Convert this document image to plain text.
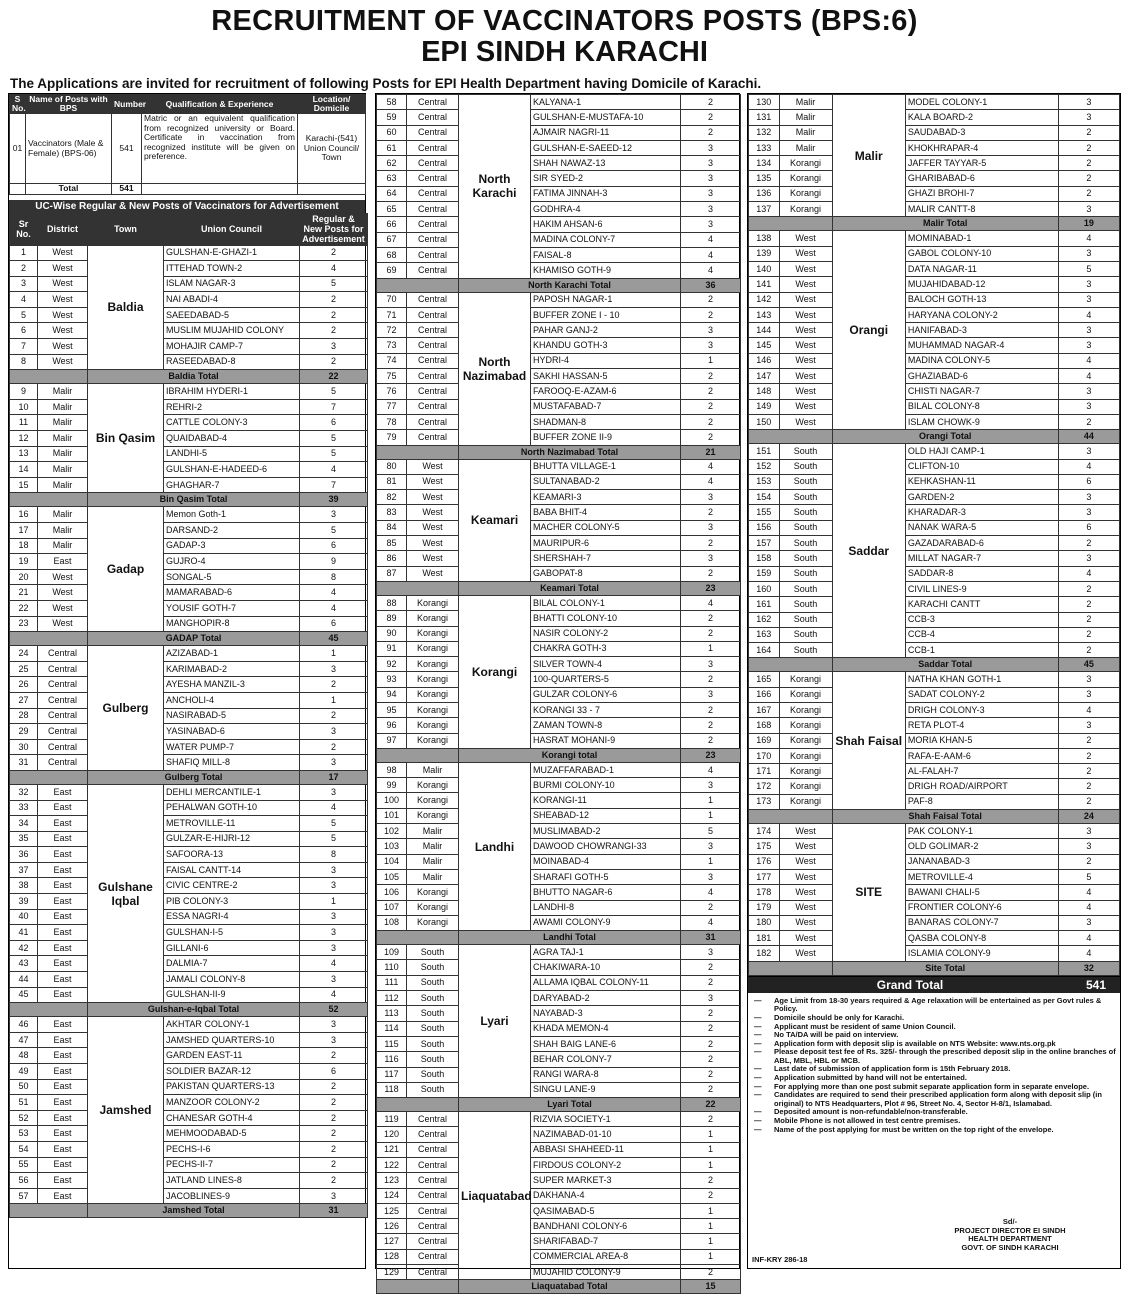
RECRUITMENT OF VACCINATORS POSTS (BPS:6)
EPI SINDH KARACHI
The Applications are invited for recruitment of following Posts for EPI Health Department having Domicile of Karachi.
S No.	Name of Posts with BPS	Number	Qualification & Experience	Location/ Domicile
01	Vaccinators (Male & Female) (BPS-06)	541	Matric or an equivalent qualification from recognized university or Board. Certificate in vaccination from recognized institute will be given on preference.	Karachi-(541) Union Council/ Town
	Total	541		
UC-Wise Regular & New Posts of Vaccinators for Advertisement
Sr No.	District	Town	Union Council	Regular & New Posts for Advertisement
1	West	Baldia	GULSHAN-E-GHAZI-1	2
2	West		ITTEHAD TOWN-2	4
3	West		ISLAM NAGAR-3	5
4	West		NAI ABADI-4	2
5	West		SAEEDABAD-5	2
6	West		MUSLIM MUJAHID COLONY	2
7	West		MOHAJIR CAMP-7	3
8	West		RASEEDABAD-8	2
		Baldia Total		22
9	Malir	Bin Qasim	IBRAHIM HYDERI-1	5
10	Malir		REHRI-2	7
11	Malir		CATTLE COLONY-3	6
12	Malir		QUAIDABAD-4	5
13	Malir		LANDHI-5	5
14	Malir		GULSHAN-E-HADEED-6	4
15	Malir		GHAGHAR-7	7
		Bin Qasim Total		39
16	Malir	Gadap	Memon Goth-1	3
17	Malir		DARSAND-2	5
18	Malir		GADAP-3	6
19	East		GUJRO-4	9
20	West		SONGAL-5	8
21	West		MAMARABAD-6	4
22	West		YOUSIF GOTH-7	4
23	West		MANGHOPIR-8	6
		GADAP Total		45
24	Central	Gulberg	AZIZABAD-1	1
25	Central		KARIMABAD-2	3
26	Central		AYESHA MANZIL-3	2
27	Central		ANCHOLI-4	1
28	Central		NASIRABAD-5	2
29	Central		YASINABAD-6	3
30	Central		WATER PUMP-7	2
31	Central		SHAFIQ MILL-8	3
		Gulberg Total		17
32	East	Gulshane Iqbal	DEHLI MERCANTILE-1	3
33	East		PEHALWAN GOTH-10	4
34	East		METROVILLE-11	5
35	East		GULZAR-E-HIJRI-12	5
36	East		SAFOORA-13	8
37	East		FAISAL CANTT-14	3
38	East		CIVIC CENTRE-2	3
39	East		PIB COLONY-3	1
40	East		ESSA NAGRI-4	3
41	East		GULSHAN-I-5	3
42	East		GILLANI-6	3
43	East		DALMIA-7	4
44	East		JAMALI COLONY-8	3
45	East		GULSHAN-II-9	4
		Gulshan-e-Iqbal Total		52
46	East	Jamshed	AKHTAR COLONY-1	3
47	East		JAMSHED QUARTERS-10	3
48	East		GARDEN EAST-11	2
49	East		SOLDIER BAZAR-12	6
50	East		PAKISTAN QUARTERS-13	2
51	East		MANZOOR COLONY-2	2
52	East		CHANESAR GOTH-4	2
53	East		MEHMOODABAD-5	2
54	East		PECHS-I-6	2
55	East		PECHS-II-7	2
56	East		JATLAND LINES-8	2
57	East		JACOBLINES-9	3
		Jamshed Total		31
58	Central	North Karachi	KALYANA-1	2
59	Central		GULSHAN-E-MUSTAFA-10	2
60	Central		AJMAIR NAGRI-11	2
61	Central		GULSHAN-E-SAEED-12	3
62	Central		SHAH NAWAZ-13	3
63	Central		SIR SYED-2	3
64	Central		FATIMA JINNAH-3	3
65	Central		GODHRA-4	3
66	Central		HAKIM AHSAN-6	3
67	Central		MADINA COLONY-7	4
68	Central		FAISAL-8	4
69	Central		KHAMISO GOTH-9	4
		North Karachi Total		36
70	Central	North Nazimabad	PAPOSH NAGAR-1	2
71	Central		BUFFER ZONE I - 10	2
72	Central		PAHAR GANJ-2	3
73	Central		KHANDU GOTH-3	3
74	Central		HYDRI-4	1
75	Central		SAKHI HASSAN-5	2
76	Central		FAROOQ-E-AZAM-6	2
77	Central		MUSTAFABAD-7	2
78	Central		SHADMAN-8	2
79	Central		BUFFER ZONE II-9	2
		North Nazimabad Total		21
80	West	Keamari	BHUTTA VILLAGE-1	4
81	West		SULTANABAD-2	4
82	West		KEAMARI-3	3
83	West		BABA BHIT-4	2
84	West		MACHER COLONY-5	3
85	West		MAURIPUR-6	2
86	West		SHERSHAH-7	3
87	West		GABOPAT-8	2
		Keamari Total		23
88	Korangi	Korangi	BILAL COLONY-1	4
89	Korangi		BHATTI COLONY-10	2
90	Korangi		NASIR COLONY-2	2
91	Korangi		CHAKRA GOTH-3	1
92	Korangi		SILVER TOWN-4	3
93	Korangi		100-QUARTERS-5	2
94	Korangi		GULZAR COLONY-6	3
95	Korangi		KORANGI 33 - 7	2
96	Korangi		ZAMAN TOWN-8	2
97	Korangi		HASRAT MOHANI-9	2
		Korangi total		23
98	Malir	Landhi	MUZAFFARABAD-1	4
99	Korangi		BURMI COLONY-10	3
100	Korangi		KORANGI-11	1
101	Korangi		SHEABAD-12	1
102	Malir		MUSLIMABAD-2	5
103	Malir		DAWOOD CHOWRANGI-33	3
104	Malir		MOINABAD-4	1
105	Malir		SHARAFI GOTH-5	3
106	Korangi		BHUTTO NAGAR-6	4
107	Korangi		LANDHI-8	2
108	Korangi		AWAMI COLONY-9	4
		Landhi Total		31
109	South	Lyari	AGRA TAJ-1	3
110	South		CHAKIWARA-10	2
111	South		ALLAMA IQBAL COLONY-11	2
112	South		DARYABAD-2	3
113	South		NAYABAD-3	2
114	South		KHADA MEMON-4	2
115	South		SHAH BAIG LANE-6	2
116	South		BEHAR COLONY-7	2
117	South		RANGI WARA-8	2
118	South		SINGU LANE-9	2
		Lyari Total		22
119	Central	Liaquatabad	RIZVIA SOCIETY-1	2
120	Central		NAZIMABAD-01-10	1
121	Central		ABBASI SHAHEED-11	1
122	Central		FIRDOUS COLONY-2	1
123	Central		SUPER MARKET-3	2
124	Central		DAKHANA-4	2
125	Central		QASIMABAD-5	1
126	Central		BANDHANI COLONY-6	1
127	Central		SHARIFABAD-7	1
128	Central		COMMERCIAL AREA-8	1
129	Central		MUJAHID COLONY-9	2
		Liaquatabad Total		15
130	Malir	Malir	MODEL COLONY-1	3
131	Malir		KALA BOARD-2	3
132	Malir		SAUDABAD-3	2
133	Malir		KHOKHRAPAR-4	2
134	Korangi		JAFFER TAYYAR-5	2
135	Korangi		GHARIBABAD-6	2
136	Korangi		GHAZI BROHI-7	2
137	Korangi		MALIR CANTT-8	3
		Malir Total		19
138	West	Orangi	MOMINABAD-1	4
139	West		GABOL COLONY-10	3
140	West		DATA NAGAR-11	5
141	West		MUJAHIDABAD-12	3
142	West		BALOCH GOTH-13	3
143	West		HARYANA COLONY-2	4
144	West		HANIFABAD-3	3
145	West		MUHAMMAD NAGAR-4	3
146	West		MADINA COLONY-5	4
147	West		GHAZIABAD-6	4
148	West		CHISTI NAGAR-7	3
149	West		BILAL COLONY-8	3
150	West		ISLAM CHOWK-9	2
		Orangi Total		44
151	South	Saddar	OLD HAJI CAMP-1	3
152	South		CLIFTON-10	4
153	South		KEHKASHAN-11	6
154	South		GARDEN-2	3
155	South		KHARADAR-3	3
156	South		NANAK WARA-5	6
157	South		GAZADARABAD-6	2
158	South		MILLAT NAGAR-7	3
159	South		SADDAR-8	4
160	South		CIVIL LINES-9	2
161	South		KARACHI CANTT	2
162	South		CCB-3	2
163	South		CCB-4	2
164	South		CCB-1	2
		Saddar Total		45
165	Korangi	Shah Faisal	NATHA KHAN GOTH-1	3
166	Korangi		SADAT COLONY-2	3
167	Korangi		DRIGH COLONY-3	4
168	Korangi		RETA PLOT-4	3
169	Korangi		MORIA KHAN-5	2
170	Korangi		RAFA-E-AAM-6	2
171	Korangi		AL-FALAH-7	2
172	Korangi		DRIGH ROAD/AIRPORT	2
173	Korangi		PAF-8	2
		Shah Faisal Total		24
174	West	SITE	PAK COLONY-1	3
175	West		OLD GOLIMAR-2	3
176	West		JANANABAD-3	2
177	West		METROVILLE-4	5
178	West		BAWANI CHALI-5	4
179	West		FRONTIER COLONY-6	4
180	West		BANARAS COLONY-7	3
181	West		QASBA COLONY-8	4
182	West		ISLAMIA COLONY-9	4
		Site Total		32
Grand Total	541
— Age Limit from 18-30 years required & Age relaxation will be entertained as per Govt rules & Policy.
— Domicile should be only for Karachi.
— Applicant must be resident of same Union Council.
— No TA/DA will be paid on interview.
— Application form with deposit slip is available on NTS Website: www.nts.org.pk
— Please deposit test fee of Rs. 325/- through the prescribed deposit slip in the online branches of ABL, MBL, HBL or MCB.
— Last date of submission of application form is 15th February 2018.
— Application submitted by hand will not be entertained.
— For applying more than one post submit separate application form in separate envelope.
— Candidates are required to send their prescribed application form along with deposit slip (in original) to NTS Headquarters, Plot # 96, Street No. 4, Sector H-8/1, Islamabad.
— Deposited amount is non-refundable/non-transferable.
— Mobile Phone is not allowed in test centre premises.
— Name of the post applying for must be written on the top right of the envelope.
Sd/-
PROJECT DIRECTOR EI SINDH
HEALTH DEPARTMENT
GOVT. OF SINDH KARACHI
INF-KRY 286-18
